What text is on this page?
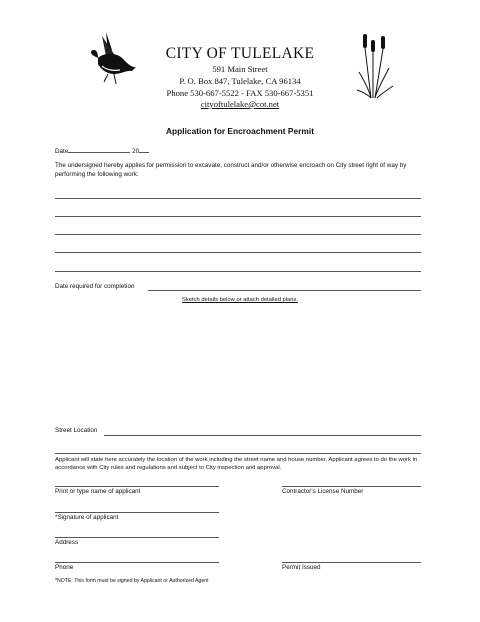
CITY OF TULELAKE
591 Main Street
P. O. Box 847, Tulelake, CA 96134
Phone 530-667-5522 - FAX 530-667-5351
cityoftulelake@cot.net
Application for Encroachment Permit
Date	20
The undersigned hereby applies for permission to excavate, construct and/or otherwise encroach on City street right of way by performing the following work:
Date required for completion
Sketch details below or attach detailed plans.
Street Location
Applicant will state here accurately the location of the work including the street name and house number. Applicant agrees to do the work in accordance with City rules and regulations and subject to City inspection and approval.
Print or type name of applicant	Contractor's License Number
*Signature of applicant
Address
Phone	Permit Issued
*NOTE: This form must be signed by Applicant or Authorized Agent
